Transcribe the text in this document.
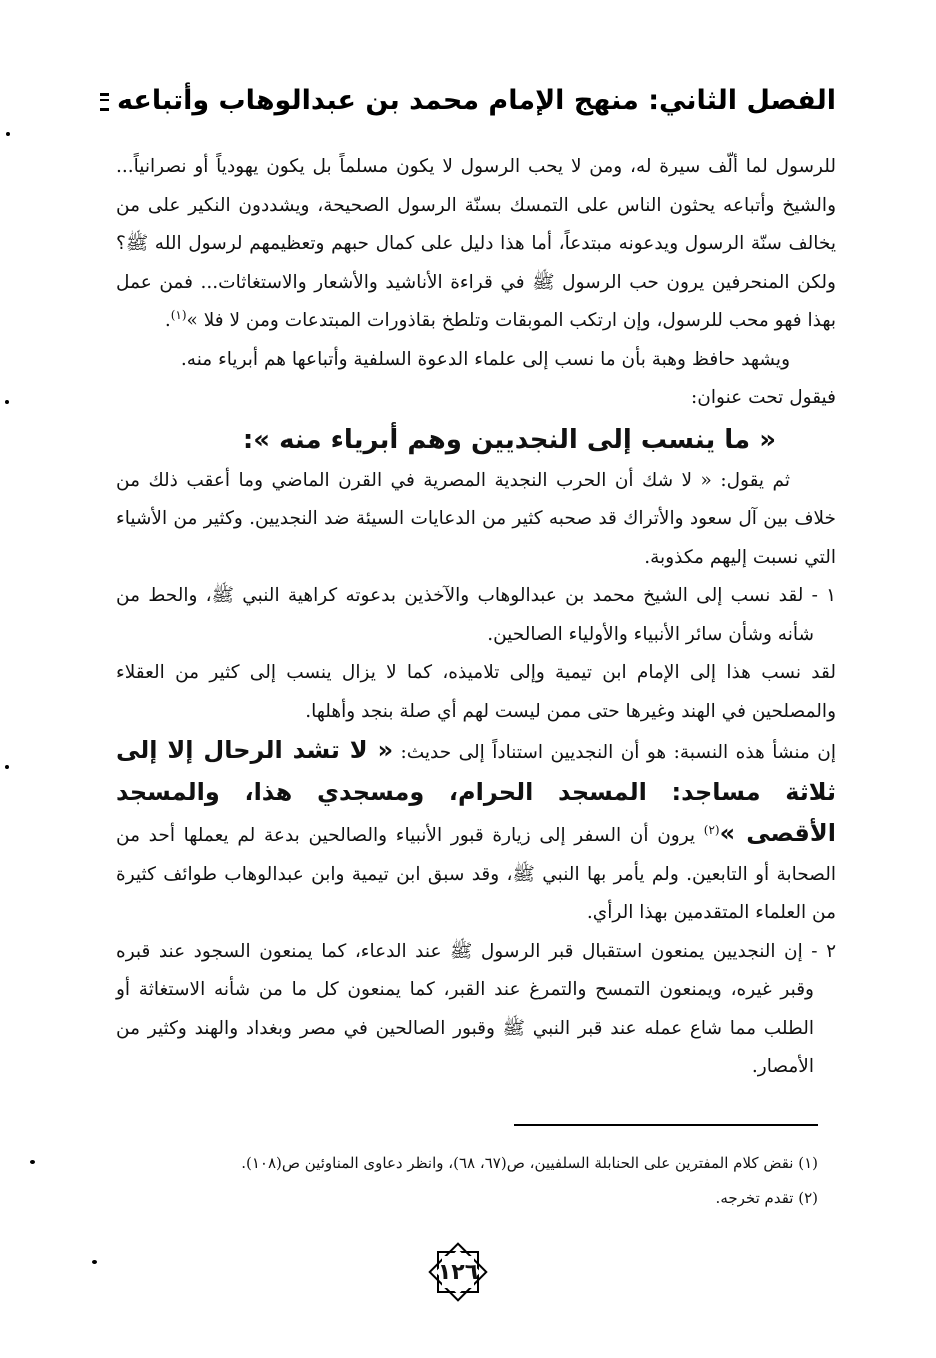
الفصل الثاني: منهج الإمام محمد بن عبدالوهاب وأتباعه

للرسول لما ألّف سيرة له، ومن لا يحب الرسول لا يكون مسلماً بل يكون يهودياً أو نصرانياً... والشيخ وأتباعه يحثون الناس على التمسك بسنّة الرسول الصحيحة، ويشددون النكير على من يخالف سنّة الرسول ويدعونه مبتدعاً، أما هذا دليل على كمال حبهم وتعظيمهم لرسول الله ﷺ؟ ولكن المنحرفين يرون حب الرسول ﷺ في قراءة الأناشيد والأشعار والاستغاثات... فمن عمل بهذا فهو محب للرسول، وإن ارتكب الموبقات وتلطخ بقاذورات المبتدعات ومن لا فلا »$^{(١)}$.

ويشهد حافظ وهبة بأن ما نسب إلى علماء الدعوة السلفية وأتباعها هم أبرياء منه.

فيقول تحت عنوان:

« ما ينسب إلى النجديين وهم أبرياء منه »:

ثم يقول: « لا شك أن الحرب النجدية المصرية في القرن الماضي وما أعقب ذلك من خلاف بين آل سعود والأتراك قد صحبه كثير من الدعايات السيئة ضد النجديين. وكثير من الأشياء التي نسبت إليهم مكذوبة.

١ - لقد نسب إلى الشيخ محمد بن عبدالوهاب والآخذين بدعوته كراهية النبي ﷺ، والحط من شأنه وشأن سائر الأنبياء والأولياء الصالحين.

لقد نسب هذا إلى الإمام ابن تيمية وإلى تلاميذه، كما لا يزال ينسب إلى كثير من العقلاء والمصلحين في الهند وغيرها حتى ممن ليست لهم أي صلة بنجد وأهلها.

إن منشأ هذه النسبة: هو أن النجديين استناداً إلى حديث: « لا تشد الرحال إلا إلى ثلاثة مساجد: المسجد الحرام، ومسجدي هذا، والمسجد الأقصى »$^{(٢)}$ يرون أن السفر إلى زيارة قبور الأنبياء والصالحين بدعة لم يعملها أحد من الصحابة أو التابعين. ولم يأمر بها النبي ﷺ، وقد سبق ابن تيمية وابن عبدالوهاب طوائف كثيرة من العلماء المتقدمين بهذا الرأي.

٢ - إن النجديين يمنعون استقبال قبر الرسول ﷺ عند الدعاء، كما يمنعون السجود عند قبره وقبر غيره، ويمنعون التمسح والتمرغ عند القبر، كما يمنعون كل ما من شأنه الاستغاثة أو الطلب مما شاع عمله عند قبر النبي ﷺ وقبور الصالحين في مصر وبغداد والهند وكثير من الأمصار.

(١) نقض كلام المفترين على الحنابلة السلفيين، ص(٦٧، ٦٨)، وانظر دعاوى المناوئين ص(١٠٨).

(٢) تقدم تخرجه.

١٢٦
